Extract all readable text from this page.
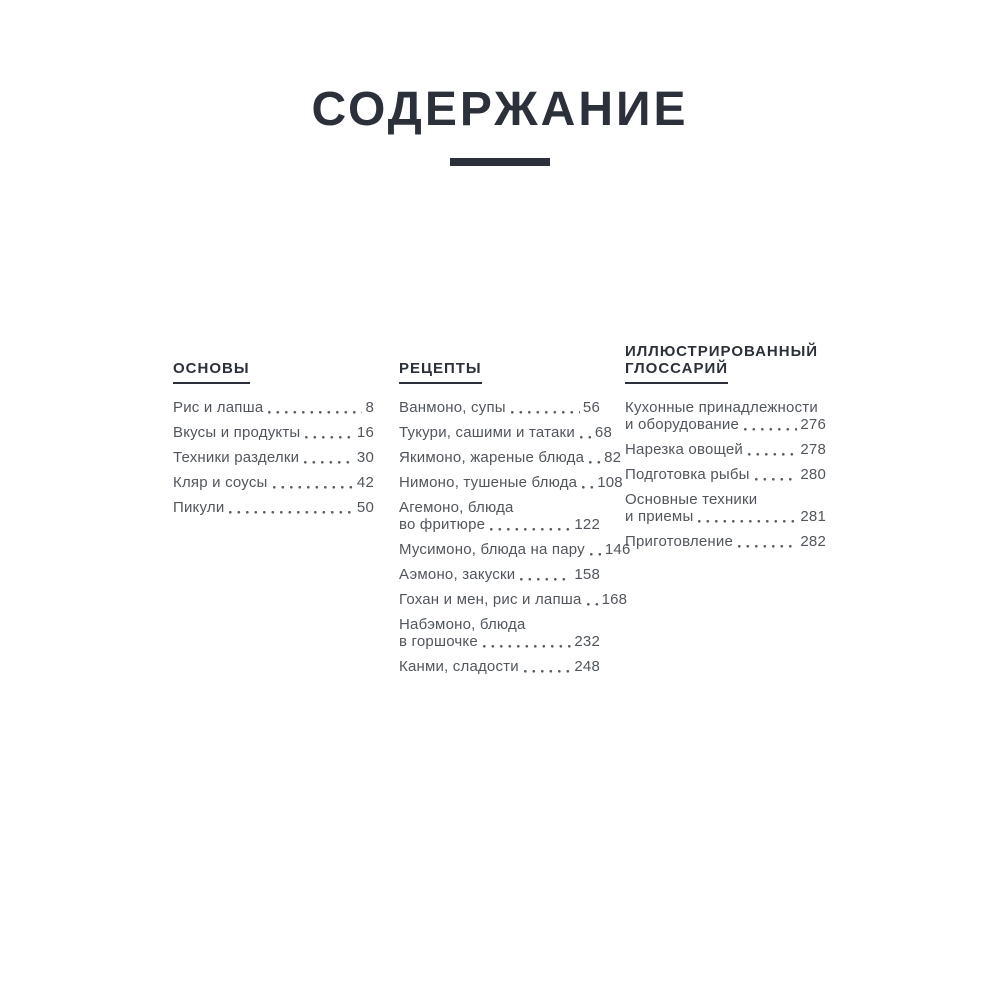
СОДЕРЖАНИЕ
ОСНОВЫ
Рис и лапша	8
Вкусы и продукты	16
Техники разделки	30
Кляр и соусы	42
Пикули	50
РЕЦЕПТЫ
Ванмоно, супы	56
Тукури, сашими и татаки 68
Якимоно, жареные блюда 82
Нимоно, тушеные блюда 108
Агемоно, блюда
во фритюре	122
Мусимоно, блюда на пару 146
Аэмоно, закуски	158
Гохан и мен, рис и лапша 168
Набэмоно, блюда
в горшочке	232
Канми, сладости	248
ИЛЛЮСТРИРОВАННЫЙ
ГЛОССАРИЙ
Кухонные принадлежности
и оборудование	276
Нарезка овощей	278
Подготовка рыбы	280
Основные техники
и приемы	281
Приготовление	282
